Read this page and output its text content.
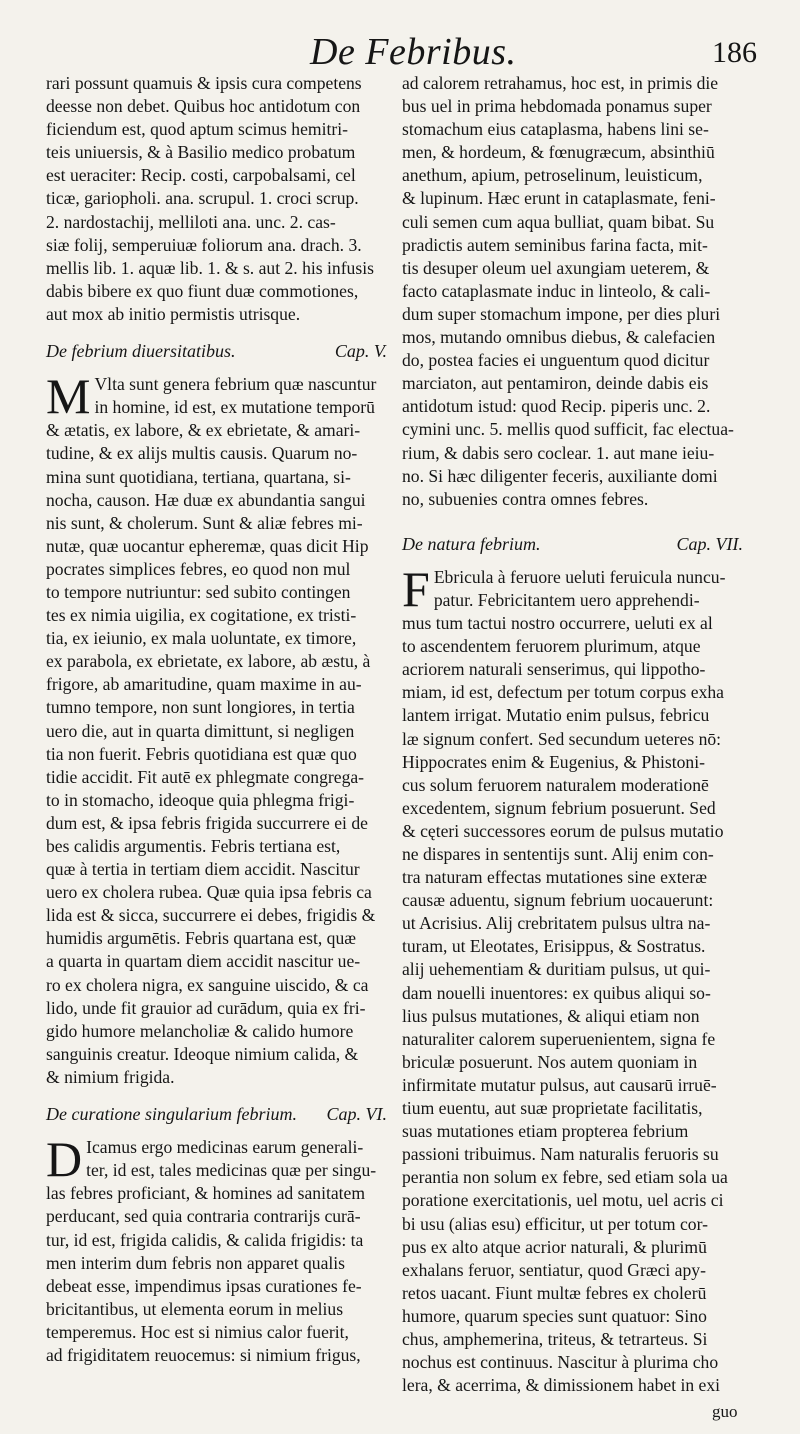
De Febribus.	186
rari possunt quamuis & ipsis cura competens
deesse non debet. Quibus hoc antidotum con
ficiendum est, quod aptum scimus hemitri-
teis uniuersis, & à Basilio medico probatum
est ueraciter: Recip. costi, carpobalsami, cel
ticæ, gariopholi. ana. scrupul. 1. croci scrup.
2. nardostachij, melliloti ana. unc. 2. cas-
siæ folij, semperuiuæ foliorum ana. drach. 3.
mellis lib. 1. aquæ lib. 1. & s. aut 2. his infusis
dabis bibere ex quo fiunt duæ commotiones,
aut mox ab initio permistis utrisque.
De febrium diuersitatibus.	Cap. V.
M Vlta sunt genera febrium quæ nascuntur
in homine, id est, ex mutatione temporū
& ætatis, ex labore, & ex ebrietate, & amari-
tudine, & ex alijs multis causis. Quarum no-
mina sunt quotidiana, tertiana, quartana, si-
nocha, causon. Hæ duæ ex abundantia sangui
nis sunt, & cholerum. Sunt & aliæ febres mi-
nutæ, quæ uocantur epheremæ, quas dicit Hip
pocrates simplices febres, eo quod non mul
to tempore nutriuntur: sed subito contingen
tes ex nimia uigilia, ex cogitatione, ex tristi-
tia, ex ieiunio, ex mala uoluntate, ex timore,
ex parabola, ex ebrietate, ex labore, ab æstu, à
frigore, ab amaritudine, quam maxime in au-
tumno tempore, non sunt longiores, in tertia
uero die, aut in quarta dimittunt, si negligen
tia non fuerit. Febris quotidiana est quæ quo
tidie accidit. Fit autē ex phlegmate congrega-
to in stomacho, ideoque quia phlegma frigi-
dum est, & ipsa febris frigida succurrere ei de
bes calidis argumentis. Febris tertiana est,
quæ à tertia in tertiam diem accidit. Nascitur
uero ex cholera rubea. Quæ quia ipsa febris ca
lida est & sicca, succurrere ei debes, frigidis &
humidis argumētis. Febris quartana est, quæ
a quarta in quartam diem accidit nascitur ue-
ro ex cholera nigra, ex sanguine uiscido, & ca
lido, unde fit grauior ad curādum, quia ex fri-
gido humore melancholiæ & calido humore
sanguinis creatur. Ideoque nimium calida, &
& nimium frigida.
De curatione singularium febrium. Cap. VI.
D Icamus ergo medicinas earum generali-
ter, id est, tales medicinas quæ per singu-
las febres proficiant, & homines ad sanitatem
perducant, sed quia contraria contrarijs curā-
tur, id est, frigida calidis, & calida frigidis: ta
men interim dum febris non apparet qualis
debeat esse, impendimus ipsas curationes fe-
bricitantibus, ut elementa eorum in melius
temperemus. Hoc est si nimius calor fuerit,
ad frigiditatem reuocemus: si nimium frigus,
ad calorem retrahamus, hoc est, in primis die
bus uel in prima hebdomada ponamus super
stomachum eius cataplasma, habens lini se-
men, & hordeum, & fœnugræcum, absinthiū
anethum, apium, petroselinum, leuisticum,
& lupinum. Hæc erunt in cataplasmate, feni-
culi semen cum aqua bulliat, quam bibat. Su
pradictis autem seminibus farina facta, mit-
tis desuper oleum uel axungiam ueterem, &
facto cataplasmate induc in linteolo, & cali-
dum super stomachum impone, per dies pluri
mos, mutando omnibus diebus, & calefacien
do, postea facies ei unguentum quod dicitur
marciaton, aut pentamiron, deinde dabis eis
antidotum istud: quod Recip. piperis unc. 2.
cymini unc. 5. mellis quod sufficit, fac electua-
rium, & dabis sero coclear. 1. aut mane ieiu-
no. Si hæc diligenter feceris, auxiliante domi
no, subuenies contra omnes febres.
De natura febrium.	Cap. VII.
F Ebricula à feruore ueluti feruicula nuncu-
patur. Febricitantem uero apprehendi-
mus tum tactui nostro occurrere, ueluti ex al
to ascendentem feruorem plurimum, atque
acriorem naturali senserimus, qui lippotho-
miam, id est, defectum per totum corpus exha
lantem irrigat. Mutatio enim pulsus, febricu
læ signum confert. Sed secundum ueteres nō:
Hippocrates enim & Eugenius, & Phistoni-
cus solum feruorem naturalem moderationē
excedentem, signum febrium posuerunt. Sed
& cęteri successores eorum de pulsus mutatio
ne dispares in sententijs sunt. Alij enim con-
tra naturam effectas mutationes sine exteræ
causæ aduentu, signum febrium uocauerunt:
ut Acrisius. Alij crebritatem pulsus ultra na-
turam, ut Eleotates, Erisippus, & Sostratus.
alij uehementiam & duritiam pulsus, ut qui-
dam nouelli inuentores: ex quibus aliqui so-
lius pulsus mutationes, & aliqui etiam non
naturaliter calorem superuenientem, signa fe
briculæ posuerunt. Nos autem quoniam in
infirmitate mutatur pulsus, aut causarū irruē-
tium euentu, aut suæ proprietate facilitatis,
suas mutationes etiam propterea febrium
passioni tribuimus. Nam naturalis feruoris su
perantia non solum ex febre, sed etiam sola ua
poratione exercitationis, uel motu, uel acris ci
bi usu (alias esu) efficitur, ut per totum cor-
pus ex alto atque acrior naturali, & plurimū
exhalans feruor, sentiatur, quod Græci apy-
retos uacant. Fiunt multæ febres ex cholerū
humore, quarum species sunt quatuor: Sino
chus, amphemerina, triteus, & tetrarteus. Si
nochus est continuus. Nascitur à plurima cho
lera, & acerrima, & dimissionem habet in exi
guo
